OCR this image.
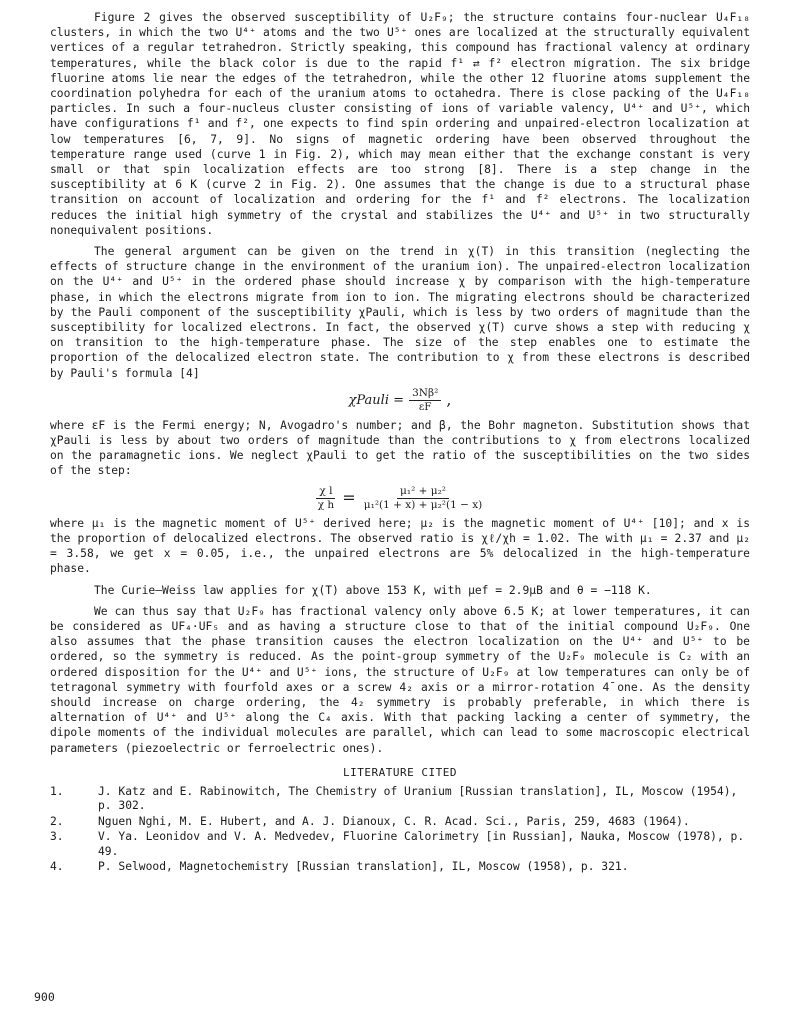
Figure 2 gives the observed susceptibility of U₂F₉; the structure contains four-nuclear U₄F₁₈ clusters, in which the two U⁴⁺ atoms and the two U⁵⁺ ones are localized at the structurally equivalent vertices of a regular tetrahedron. Strictly speaking, this compound has fractional valency at ordinary temperatures, while the black color is due to the rapid f¹ ⇄ f² electron migration. The six bridge fluorine atoms lie near the edges of the tetrahedron, while the other 12 fluorine atoms supplement the coordination polyhedra for each of the uranium atoms to octahedra. There is close packing of the U₄F₁₈ particles. In such a four-nucleus cluster consisting of ions of variable valency, U⁴⁺ and U⁵⁺, which have configurations f¹ and f², one expects to find spin ordering and unpaired-electron localization at low temperatures [6, 7, 9]. No signs of magnetic ordering have been observed throughout the temperature range used (curve 1 in Fig. 2), which may mean either that the exchange constant is very small or that spin localization effects are too strong [8]. There is a step change in the susceptibility at 6 K (curve 2 in Fig. 2). One assumes that the change is due to a structural phase transition on account of localization and ordering for the f¹ and f² electrons. The localization reduces the initial high symmetry of the crystal and stabilizes the U⁴⁺ and U⁵⁺ in two structurally nonequivalent positions.

The general argument can be given on the trend in χ(T) in this transition (neglecting the effects of structure change in the environment of the uranium ion). The unpaired-electron localization on the U⁴⁺ and U⁵⁺ in the ordered phase should increase χ by comparison with the high-temperature phase, in which the electrons migrate from ion to ion. The migrating electrons should be characterized by the Pauli component of the susceptibility χPauli, which is less by two orders of magnitude than the susceptibility for localized electrons. In fact, the observed χ(T) curve shows a step with reducing χ on transition to the high-temperature phase. The size of the step enables one to estimate the proportion of the delocalized electron state. The contribution to χ from these electrons is described by Pauli's formula [4]

χPauli = $\frac{\text{3Nβ²}}{\varepsilon F}$ ,

where εF is the Fermi energy; N, Avogadro's number; and β, the Bohr magneton. Substitution shows that χPauli is less by about two orders of magnitude than the contributions to χ from electrons localized on the paramagnetic ions. We neglect χPauli to get the ratio of the susceptibilities on the two sides of the step:

$\frac{\text{χ l}}{\text{χ h}} = \frac{\text{μ₁² + μ₂²}}{\text{μ₁²(1 + x) + μ₂²(1 − x)}}$

where μ₁ is the magnetic moment of U⁵⁺ derived here; μ₂ is the magnetic moment of U⁴⁺ [10]; and x is the proportion of delocalized electrons. The observed ratio is χℓ/χh = 1.02. The with μ₁ = 2.37 and μ₂ = 3.58, we get x = 0.05, i.e., the unpaired electrons are 5% delocalized in the high-temperature phase.

The Curie–Weiss law applies for χ(T) above 153 K, with μef = 2.9μB and θ = −118 K.

We can thus say that U₂F₉ has fractional valency only above 6.5 K; at lower temperatures, it can be considered as UF₄·UF₅ and as having a structure close to that of the initial compound U₂F₉. One also assumes that the phase transition causes the electron localization on the U⁴⁺ and U⁵⁺ to be ordered, so the symmetry is reduced. As the point-group symmetry of the U₂F₉ molecule is C₂ with an ordered disposition for the U⁴⁺ and U⁵⁺ ions, the structure of U₂F₉ at low temperatures can only be of tetragonal symmetry with fourfold axes or a screw 4₂ axis or a mirror-rotation 4̄ one. As the density should increase on charge ordering, the 4₂ symmetry is probably preferable, in which there is alternation of U⁴⁺ and U⁵⁺ along the C₄ axis. With that packing lacking a center of symmetry, the dipole moments of the individual molecules are parallel, which can lead to some macroscopic electrical parameters (piezoelectric or ferroelectric ones).

LITERATURE CITED
1.	J. Katz and E. Rabinowitch, The Chemistry of Uranium [Russian translation], IL, Moscow (1954), p. 302.
2.	Nguen Nghi, M. E. Hubert, and A. J. Dianoux, C. R. Acad. Sci., Paris, 259, 4683 (1964).
3.	V. Ya. Leonidov and V. A. Medvedev, Fluorine Calorimetry [in Russian], Nauka, Moscow (1978), p. 49.
4.	P. Selwood, Magnetochemistry [Russian translation], IL, Moscow (1958), p. 321.
900
